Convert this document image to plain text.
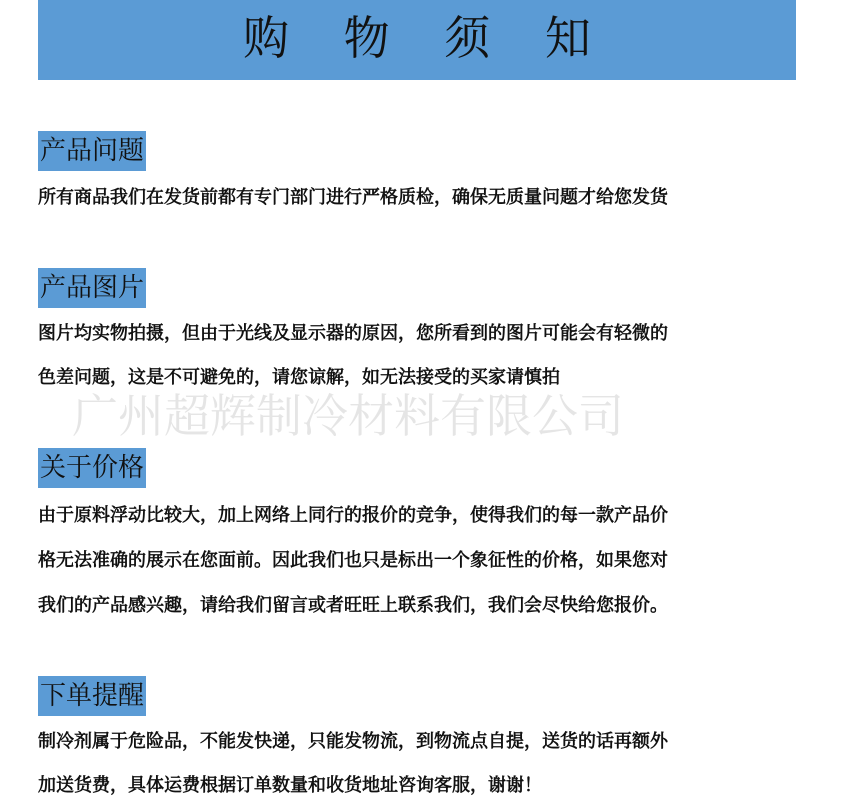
购 物 须 知
产品问题
所有商品我们在发货前都有专门部门进行严格质检，确保无质量问题才给您发货
产品图片
图片均实物拍摄，但由于光线及显示器的原因，您所看到的图片可能会有轻微的
色差问题，这是不可避免的，请您谅解，如无法接受的买家请慎拍
广州超辉制冷材料有限公司
关于价格
由于原料浮动比较大，加上网络上同行的报价的竞争，使得我们的每一款产品价
格无法准确的展示在您面前。因此我们也只是标出一个象征性的价格，如果您对
我们的产品感兴趣，请给我们留言或者旺旺上联系我们，我们会尽快给您报价。
下单提醒
制冷剂属于危险品，不能发快递，只能发物流，到物流点自提，送货的话再额外
加送货费，具体运费根据订单数量和收货地址咨询客服，谢谢！
